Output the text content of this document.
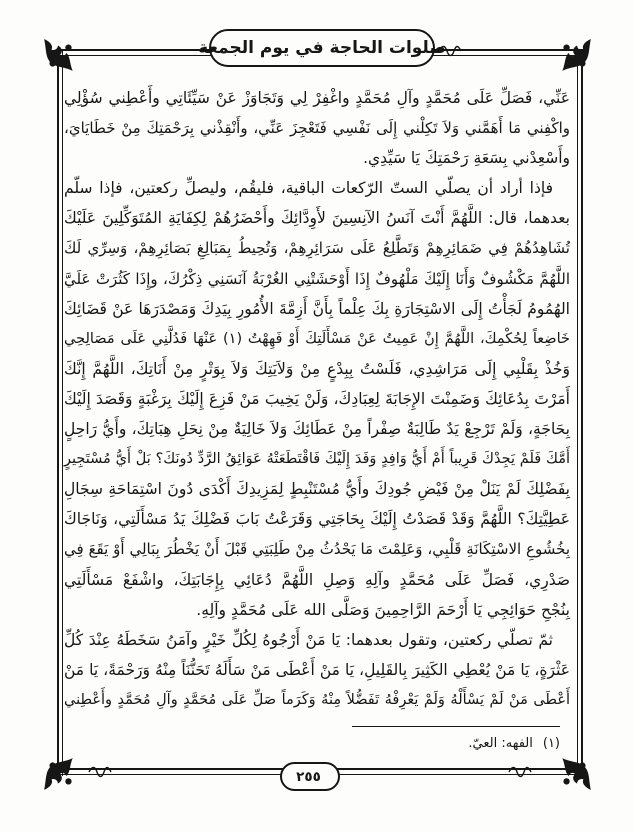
صلوات الحاجة في يوم الجمعة
عَنِّي، فَصَلِّ عَلَى مُحَمَّدٍ وآلِ مُحَمَّدٍ واغْفِرْ لِي وَتَجَاوَزْ عَنْ سَيِّئَاتِي وأَعْطِني سُؤْلِي
واكْفِني مَا أَهَمَّني وَلاَ تَكِلْني إِلَى نَفْسِي فَتَعْجِزَ عَنِّي، وأَنْقِذْني بِرَحْمَتِكَ مِنْ خَطَايَايَ،
وأَسْعِدْني بِسَعَةِ رَحْمَتِكَ يَا سَيِّدِي.
فإذا أراد أن يصلّي الستّ الرّكعات الباقية، فليقُم، وليصلِّ ركعتين، فإذا سلّم
بعدهما، قال: اللَّهُمَّ أَنْتَ آنَسُ الآنِسِينَ لأَوِدَّائِكَ وأَحْضَرُهُمْ لِكِفَايَةِ المُتَوَكِّلِينَ عَلَيْكَ
تُشَاهِدُهُمْ فِي ضَمَائِرِهِمْ وَتَطَّلِعُ عَلَى سَرَائِرِهِمْ، وَتُحِيطُ بِمَبَالِغِ بَصَائِرِهِمْ، وَسِرِّي لَكَ
اللَّهُمَّ مَكْشُوفٌ وَأَنَا إِلَيْكَ مَلْهُوفٌ إِذَا أَوْحَشَتْنِي الغُرْبَةُ آنَسَنِي ذِكْرُكَ، وإِذَا كَثُرَتْ عَلَيَّ
الهُمُومُ لَجَأْتُ إِلَى الاسْتِجَارَةِ بِكَ عِلْماً بِأَنَّ أَزِمَّةَ الأُمُورِ بِيَدِكَ وَمَصْدَرَهَا عَنْ قَضَائِكَ
خَاضِعاً لِحُكْمِكَ، اللَّهُمَّ إِنْ عَمِيتُ عَنْ مَسْأَلَتِكَ أَوْ فَهِهْتُ (١) عَنْهَا فَدُلَّنِي عَلَى مَصَالِحِي
وَخُذْ بِقَلْبِي إِلَى مَرَاشِدِي، فَلَسْتُ بِبِدْعٍ مِنْ وَلاَيَتِكَ وَلاَ بِوَتْرٍ مِنْ أَنَاتِكَ، اللَّهُمَّ إِنَّكَ
أَمَرْتَ بِدُعَائِكَ وَضَمِنْتَ الإِجَابَةَ لِعِبَادِكَ، وَلَنْ يَخِيبَ مَنْ فَزِعَ إِلَيْكَ بِرَغْبَةٍ وَقَصَدَ إِلَيْكَ
بِحَاجَةٍ، وَلَمْ تَرْجِعْ يَدٌ طَالِبَةٌ صِفْراً مِنْ عَطَائِكَ وَلاَ خَالِيَةٌ مِنْ نِحَلِ هِبَاتِكَ، وأَيُّ رَاحِلٍ
أَمَّكَ فَلَمْ يَجِدْكَ قَرِيباً أَمْ أَيُّ وَافِدٍ وَفَدَ إِلَيْكَ فَاقْتَطَعَتْهُ عَوَائِقُ الرَّدِّ دُونَكَ؟ بَلْ أَيُّ مُسْتَجِيرٍ
بِفَضْلِكَ لَمْ يَنَلْ مِنْ فَيْضِ جُودِكَ وأَيُّ مُسْتَنْبِطٍ لِمَزِيدِكَ أَكْدَى دُونَ اسْتِمَاحَةِ سِجَالِ
عَطِيَّتِكَ؟ اللَّهُمَّ وَقَدْ قَصَدْتُ إِلَيْكَ بِحَاجَتِي وَقَرَعْتُ بَابَ فَضْلِكَ يَدُ مَسْأَلَتِي، وَنَاجَاكَ
بِخُشُوعِ الاسْتِكَانَةِ قَلْبِي، وَعَلِمْتَ مَا يَحْدُثُ مِنْ طَلِبَتِي قَبْلَ أَنْ يَخْطُرَ بِبَالِي أَوْ يَقَعَ فِي
صَدْرِي، فَصَلِّ عَلَى مُحَمَّدٍ وآلِهِ وَصِلِ اللَّهُمَّ دُعَائِي بِإِجَابَتِكَ، واشْفَعْ مَسْأَلَتِي
بِنُجْحِ حَوَائِجِي يَا أَرْحَمَ الرَّاحِمِينَ وَصَلَّى الله عَلَى مُحَمَّدٍ وآلِهِ.
ثمّ تصلّي ركعتين، وتقول بعدهما: يَا مَنْ أَرْجُوهُ لِكُلِّ خَيْرٍ وآمَنُ سَخَطَهُ عِنْدَ كُلِّ
عَثْرَةٍ، يَا مَنْ يُعْطِي الكَثِيرَ بِالقَلِيلِ، يَا مَنْ أَعْطَى مَنْ سَأَلَهُ تَحَنُّنَاً مِنْهُ وَرَحْمَةً، يَا مَنْ
أَعْطَى مَنْ لَمْ يَسْأَلْهُ وَلَمْ يَعْرِفْهُ تَفَضُّلاً مِنْهُ وَكَرَماً صَلِّ عَلَى مُحَمَّدٍ وآلِ مُحَمَّدٍ وأَعْطِني
(١)
الفهه: العيّ.
٢٥٥
